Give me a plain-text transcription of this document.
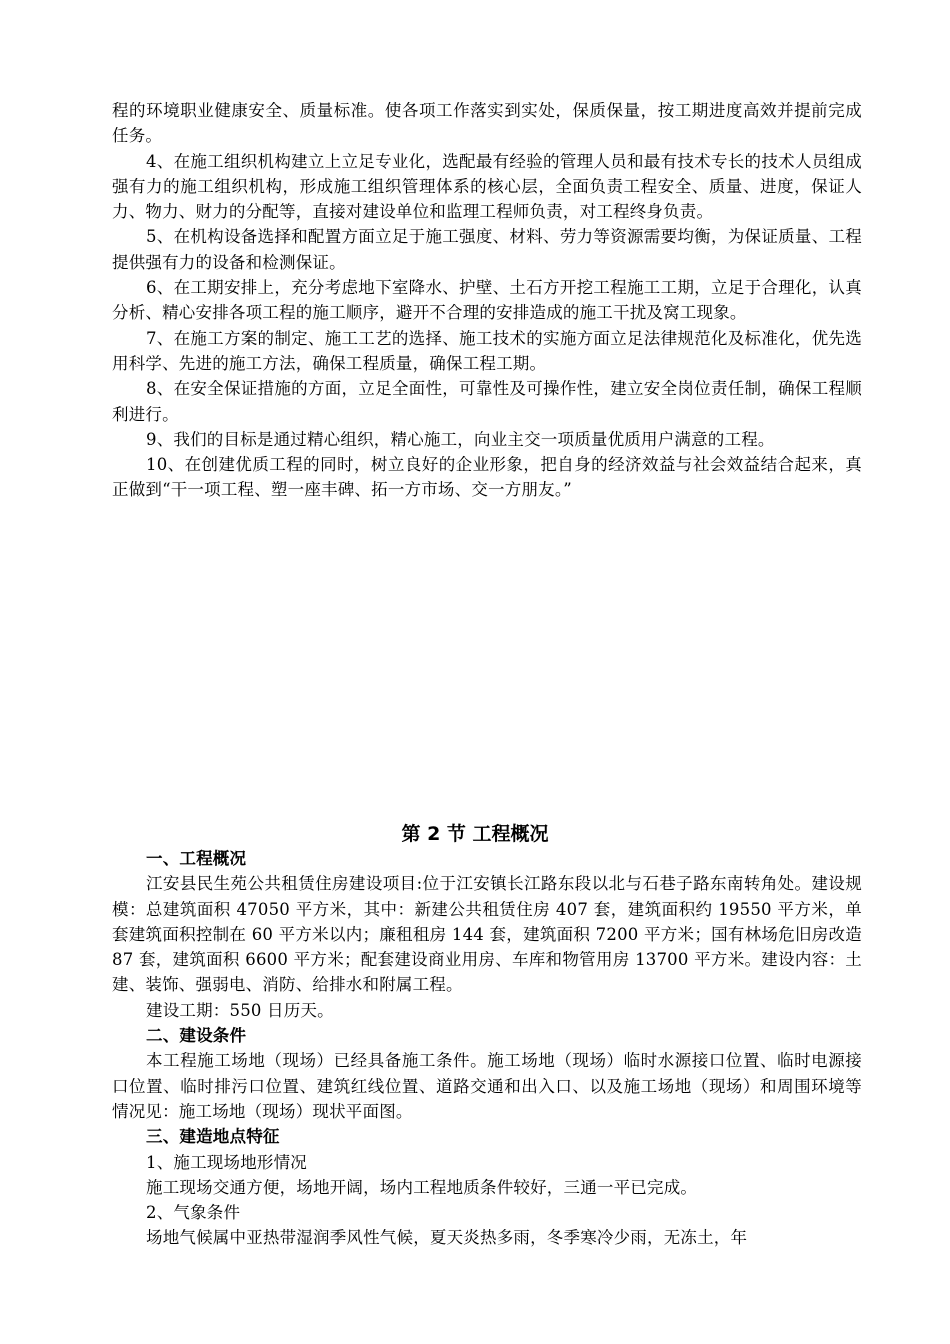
程的环境职业健康安全、质量标准。使各项工作落实到实处，保质保量，按工期进度高效并提前完成任务。

4、在施工组织机构建立上立足专业化，选配最有经验的管理人员和最有技术专长的技术人员组成强有力的施工组织机构，形成施工组织管理体系的核心层，全面负责工程安全、质量、进度，保证人力、物力、财力的分配等，直接对建设单位和监理工程师负责，对工程终身负责。

5、在机构设备选择和配置方面立足于施工强度、材料、劳力等资源需要均衡，为保证质量、工程提供强有力的设备和检测保证。

6、在工期安排上，充分考虑地下室降水、护壁、土石方开挖工程施工工期，立足于合理化，认真分析、精心安排各项工程的施工顺序，避开不合理的安排造成的施工干扰及窝工现象。

7、在施工方案的制定、施工工艺的选择、施工技术的实施方面立足法律规范化及标准化，优先选用科学、先进的施工方法，确保工程质量，确保工程工期。

8、在安全保证措施的方面，立足全面性，可靠性及可操作性，建立安全岗位责任制，确保工程顺利进行。

9、我们的目标是通过精心组织，精心施工，向业主交一项质量优质用户满意的工程。

10、在创建优质工程的同时，树立良好的企业形象，把自身的经济效益与社会效益结合起来，真正做到“干一项工程、塑一座丰碑、拓一方市场、交一方朋友。”

第 2 节 工程概况

一、工程概况

江安县民生苑公共租赁住房建设项目:位于江安镇长江路东段以北与石巷子路东南转角处。建设规模：总建筑面积 47050 平方米，其中：新建公共租赁住房 407 套，建筑面积约 19550 平方米，单套建筑面积控制在 60 平方米以内；廉租租房 144 套，建筑面积 7200 平方米；国有林场危旧房改造 87 套，建筑面积 6600 平方米；配套建设商业用房、车库和物管用房 13700 平方米。建设内容：土建、装饰、强弱电、消防、给排水和附属工程。

建设工期：550 日历天。

二、建设条件

本工程施工场地（现场）已经具备施工条件。施工场地（现场）临时水源接口位置、临时电源接口位置、临时排污口位置、建筑红线位置、道路交通和出入口、以及施工场地（现场）和周围环境等情况见：施工场地（现场）现状平面图。

三、建造地点特征

1、施工现场地形情况

施工现场交通方便，场地开阔，场内工程地质条件较好，三通一平已完成。

2、气象条件

场地气候属中亚热带湿润季风性气候，夏天炎热多雨，冬季寒冷少雨，无冻土，年
